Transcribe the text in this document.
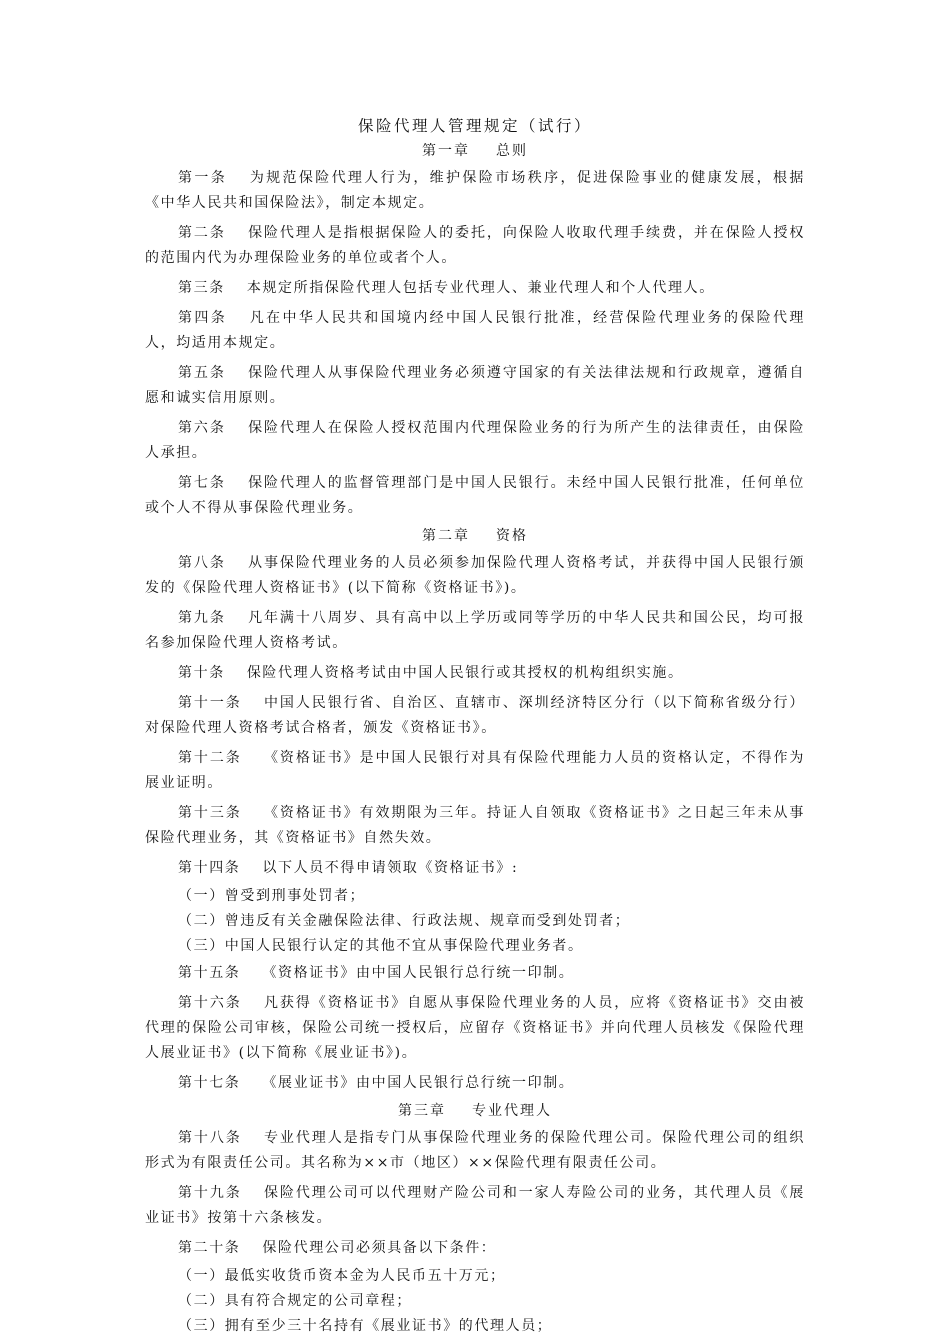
保险代理人管理规定（试行）
第一章 总则

第一条 为规范保险代理人行为，维护保险市场秩序，促进保险事业的健康发展，根据《中华人民共和国保险法》，制定本规定。

第二条 保险代理人是指根据保险人的委托，向保险人收取代理手续费，并在保险人授权的范围内代为办理保险业务的单位或者个人。

第三条 本规定所指保险代理人包括专业代理人、兼业代理人和个人代理人。

第四条 凡在中华人民共和国境内经中国人民银行批准，经营保险代理业务的保险代理人，均适用本规定。

第五条 保险代理人从事保险代理业务必须遵守国家的有关法律法规和行政规章，遵循自愿和诚实信用原则。

第六条 保险代理人在保险人授权范围内代理保险业务的行为所产生的法律责任，由保险人承担。

第七条 保险代理人的监督管理部门是中国人民银行。未经中国人民银行批准，任何单位或个人不得从事保险代理业务。

第二章 资格

第八条 从事保险代理业务的人员必须参加保险代理人资格考试，并获得中国人民银行颁发的《保险代理人资格证书》(以下简称《资格证书》)。

第九条 凡年满十八周岁、具有高中以上学历或同等学历的中华人民共和国公民，均可报名参加保险代理人资格考试。

第十条 保险代理人资格考试由中国人民银行或其授权的机构组织实施。

第十一条 中国人民银行省、自治区、直辖市、深圳经济特区分行（以下简称省级分行）对保险代理人资格考试合格者，颁发《资格证书》。

第十二条 《资格证书》是中国人民银行对具有保险代理能力人员的资格认定，不得作为展业证明。

第十三条 《资格证书》有效期限为三年。持证人自领取《资格证书》之日起三年未从事保险代理业务，其《资格证书》自然失效。

第十四条 以下人员不得申请领取《资格证书》:

（一）曾受到刑事处罚者；

（二）曾违反有关金融保险法律、行政法规、规章而受到处罚者；

（三）中国人民银行认定的其他不宜从事保险代理业务者。

第十五条 《资格证书》由中国人民银行总行统一印制。

第十六条 凡获得《资格证书》自愿从事保险代理业务的人员，应将《资格证书》交由被代理的保险公司审核，保险公司统一授权后，应留存《资格证书》并向代理人员核发《保险代理人展业证书》(以下简称《展业证书》)。

第十七条 《展业证书》由中国人民银行总行统一印制。

第三章 专业代理人

第十八条 专业代理人是指专门从事保险代理业务的保险代理公司。保险代理公司的组织形式为有限责任公司。其名称为××市（地区）××保险代理有限责任公司。

第十九条 保险代理公司可以代理财产险公司和一家人寿险公司的业务，其代理人员《展业证书》按第十六条核发。

第二十条 保险代理公司必须具备以下条件：

（一）最低实收货币资本金为人民币五十万元；

（二）具有符合规定的公司章程；

（三）拥有至少三十名持有《展业证书》的代理人员；
